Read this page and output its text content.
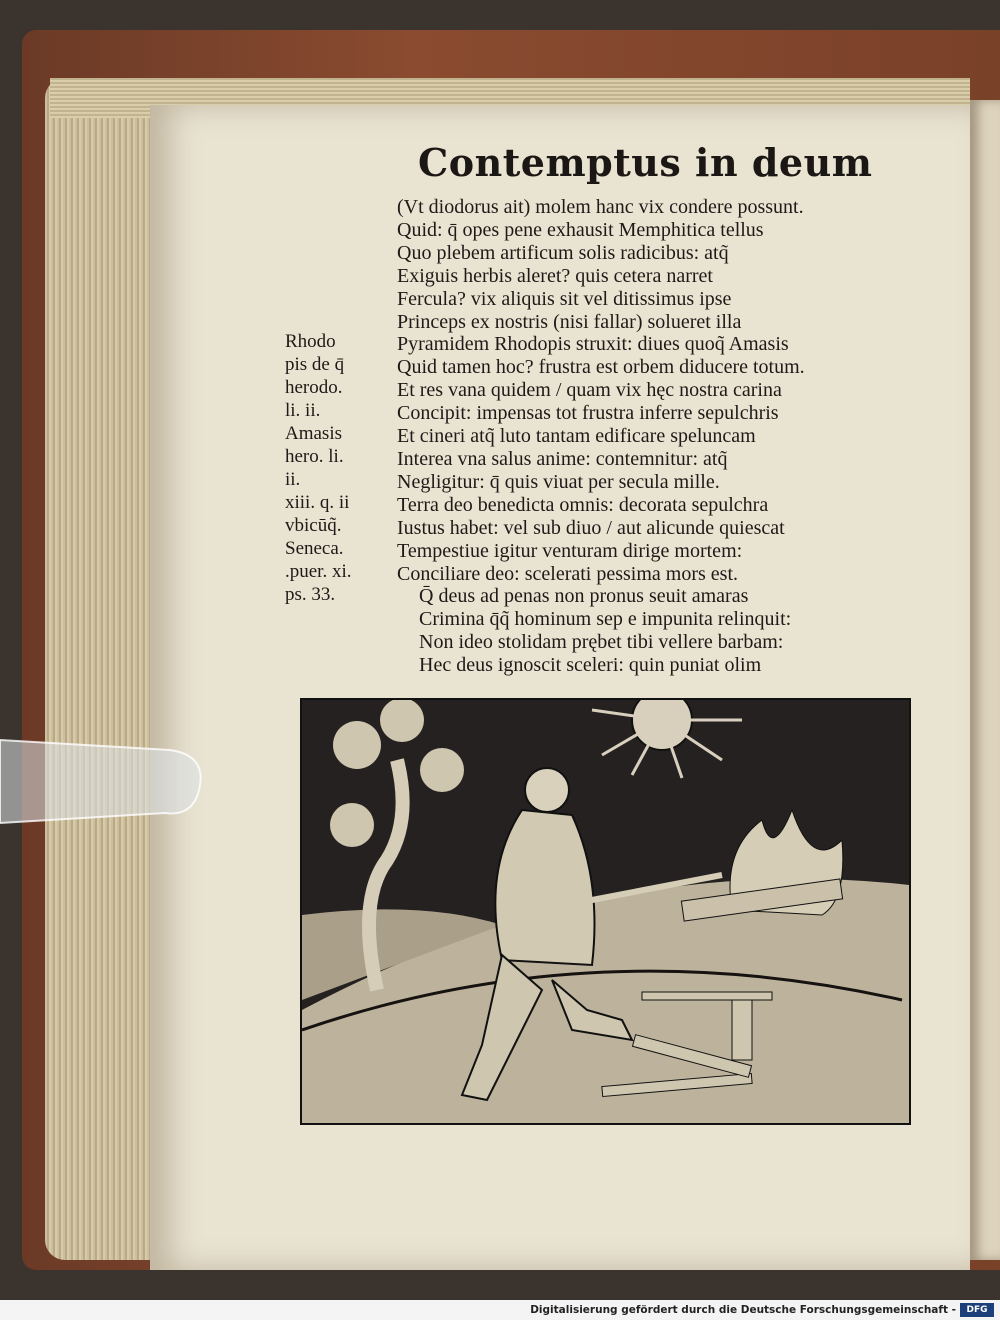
Contemptus in deum
(Vt diodorus ait) molem hanc vix condere possunt.
Quid: q̄ opes pene exhausit Memphitica tellus
Quo plebem artificum solis radicibus: atq̃
Exiguis herbis aleret? quis cetera narret
Fercula? vix aliquis sit vel ditissimus ipse
Princeps ex nostris (nisi fallar) solueret illa
Pyramidem Rhodopis struxit: diues quoq̃ Amasis
Quid tamen hoc? frustra est orbem diducere totum.
Et res vana quidem / quam vix hęc nostra carina
Concipit: impensas tot frustra inferre sepulchris
Et cineri atq̃ luto tantam edificare speluncam
Interea vna salus anime: contemnitur: atq̃
Negligitur: q̄ quis viuat per secula mille.
Terra deo benedicta omnis: decorata sepulchra
Iustus habet: vel sub diuo / aut alicunde quiescat
Tempestiue igitur venturam dirige mortem:
Conciliare deo: scelerati pessima mors est.
Q̄ deus ad penas non pronus seuit amaras
Crimina q̄q̃ hominum sep e impunita relinquit:
Non ideo stolidam prębet tibi vellere barbam:
Hec deus ignoscit sceleri: quin puniat olim
Rhodo
pis de q̄
herodo.
li. ii.
Amasis
hero. li.
ii.
xiii. q. ii
vbicūq̃.
Seneca.
.puer. xi.
ps. 33.
Digitalisierung gefördert durch die Deutsche Forschungsgemeinschaft -	DFG
